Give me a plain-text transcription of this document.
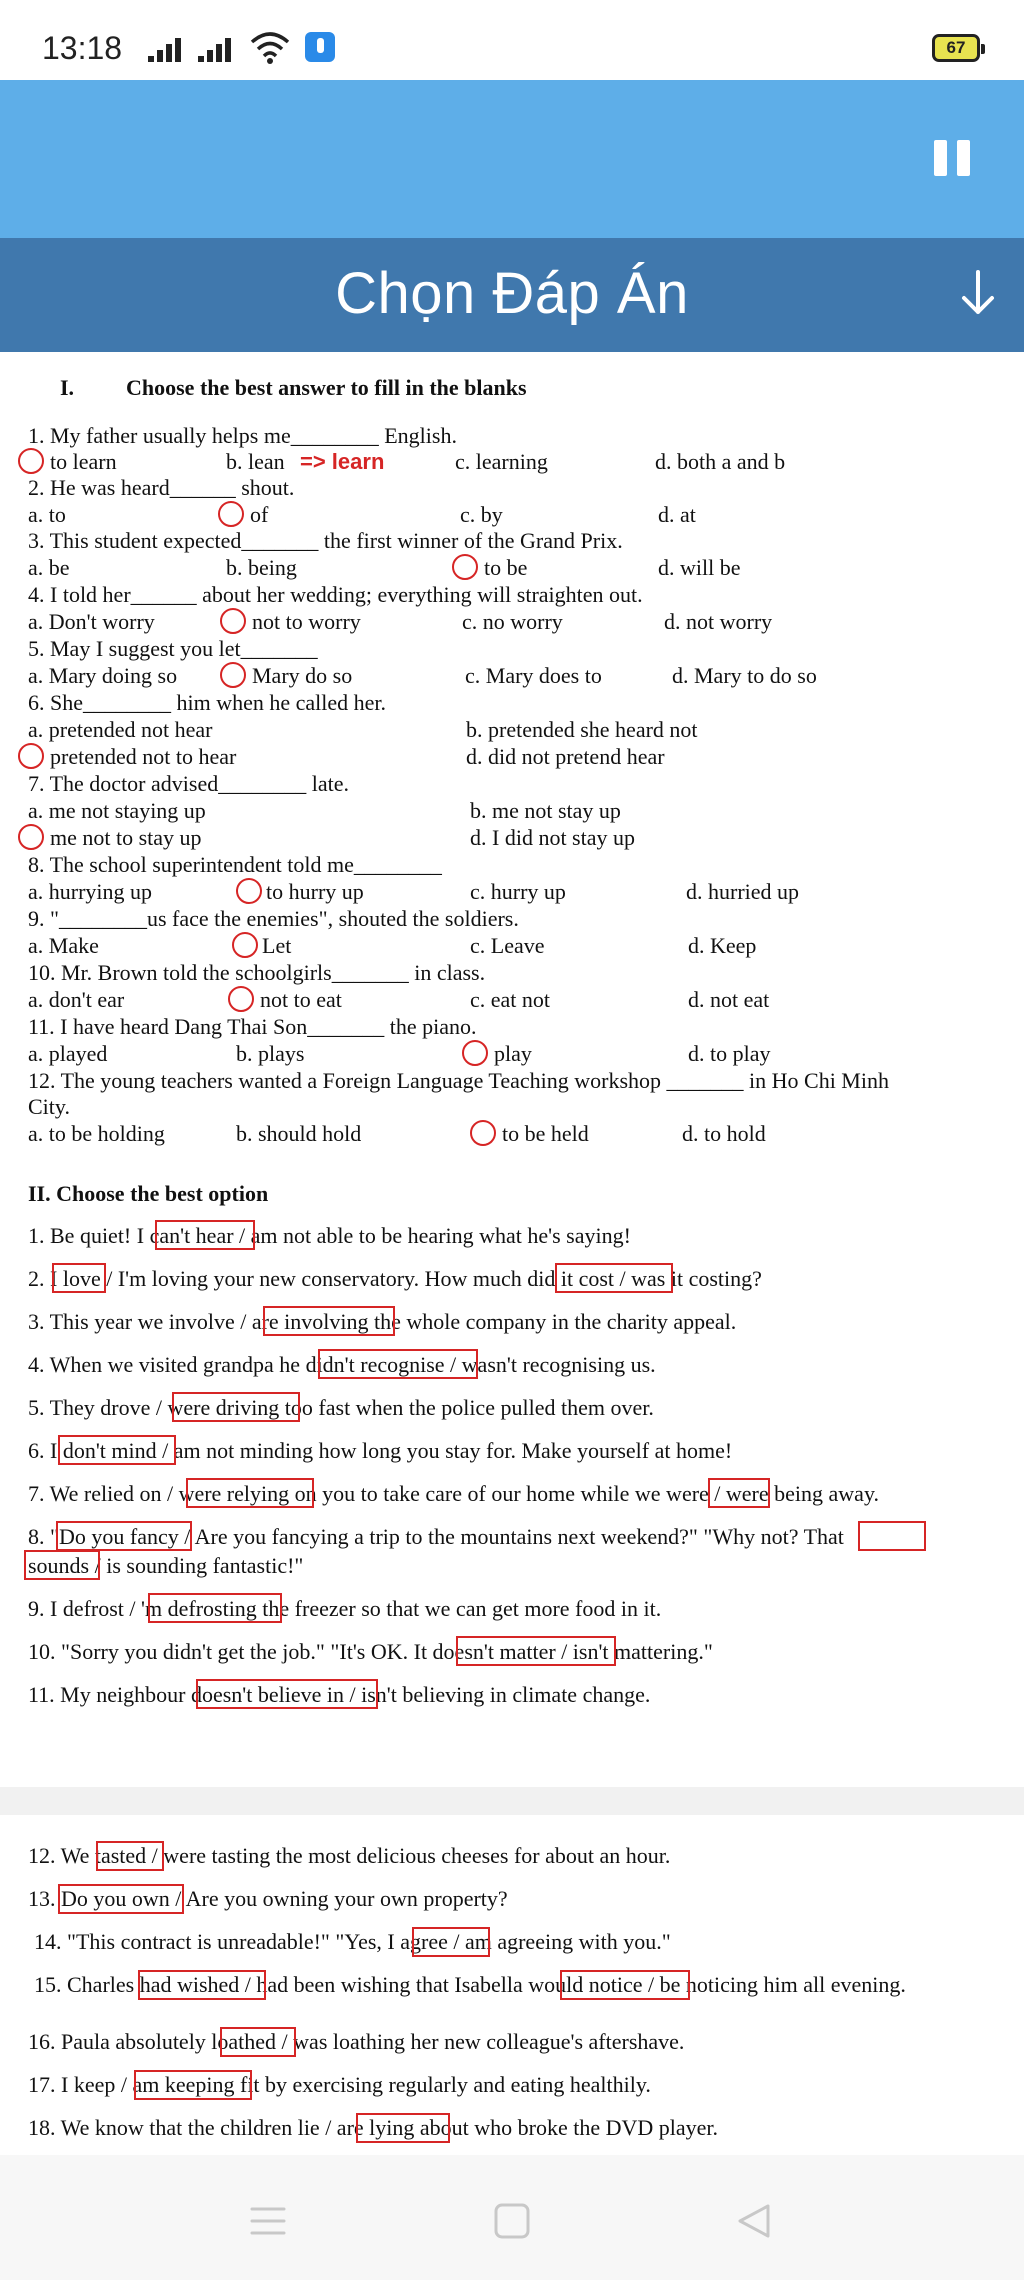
13:18	67
Chọn Đáp Án
I. Choose the best answer to fill in the blanks
1. My father usually helps me________ English.
to learn	b. lean => learn	c. learning	d. both a and b
2. He was heard______ shout.
a. to	of	c. by	d. at
3. This student expected_______ the first winner of the Grand Prix.
a. be	b. being	to be	d. will be
4. I told her______ about her wedding; everything will straighten out.
a. Don't worry	not to worry	c. no worry	d. not worry
5. May I suggest you let_______
a. Mary doing so	Mary do so	c. Mary does to	d. Mary to do so
6. She________ him when he called her.
a. pretended not hear	b. pretended she heard not
pretended not to hear	d. did not pretend hear
7. The doctor advised________ late.
a. me not staying up	b. me not stay up
me not to stay up	d. I did not stay up
8. The school superintendent told me________
a. hurrying up	to hurry up	c. hurry up	d. hurried up
9. "________us face the enemies", shouted the soldiers.
a. Make	Let	c. Leave	d. Keep
10. Mr. Brown told the schoolgirls_______ in class.
a. don't ear	not to eat	c. eat not	d. not eat
11. I have heard Dang Thai Son_______ the piano.
a. played	b. plays	play	d. to play
12. The young teachers wanted a Foreign Language Teaching workshop _______ in Ho Chi Minh
City.
a. to be holding	b. should hold	to be held	d. to hold
II. Choose the best option
1. Be quiet! I can't hear / am not able to be hearing what he's saying!
2. I love / I'm loving your new conservatory. How much did it cost / was it costing?
3. This year we involve / are involving the whole company in the charity appeal.
4. When we visited grandpa he didn't recognise / wasn't recognising us.
5. They drove / were driving too fast when the police pulled them over.
6. I don't mind / am not minding how long you stay for. Make yourself at home!
7. We relied on / were relying on you to take care of our home while we were / were being away.
8. "Do you fancy / Are you fancying a trip to the mountains next weekend?" "Why not? That
sounds / is sounding fantastic!"
9. I defrost / 'm defrosting the freezer so that we can get more food in it.
10. "Sorry you didn't get the job." "It's OK. It doesn't matter / isn't mattering."
11. My neighbour doesn't believe in / isn't believing in climate change.
12. We tasted / were tasting the most delicious cheeses for about an hour.
13. Do you own / Are you owning your own property?
14. "This contract is unreadable!" "Yes, I agree / am agreeing with you."
15. Charles had wished / had been wishing that Isabella would notice / be noticing him all evening.
16. Paula absolutely loathed / was loathing her new colleague's aftershave.
17. I keep / am keeping fit by exercising regularly and eating healthily.
18. We know that the children lie / are lying about who broke the DVD player.
